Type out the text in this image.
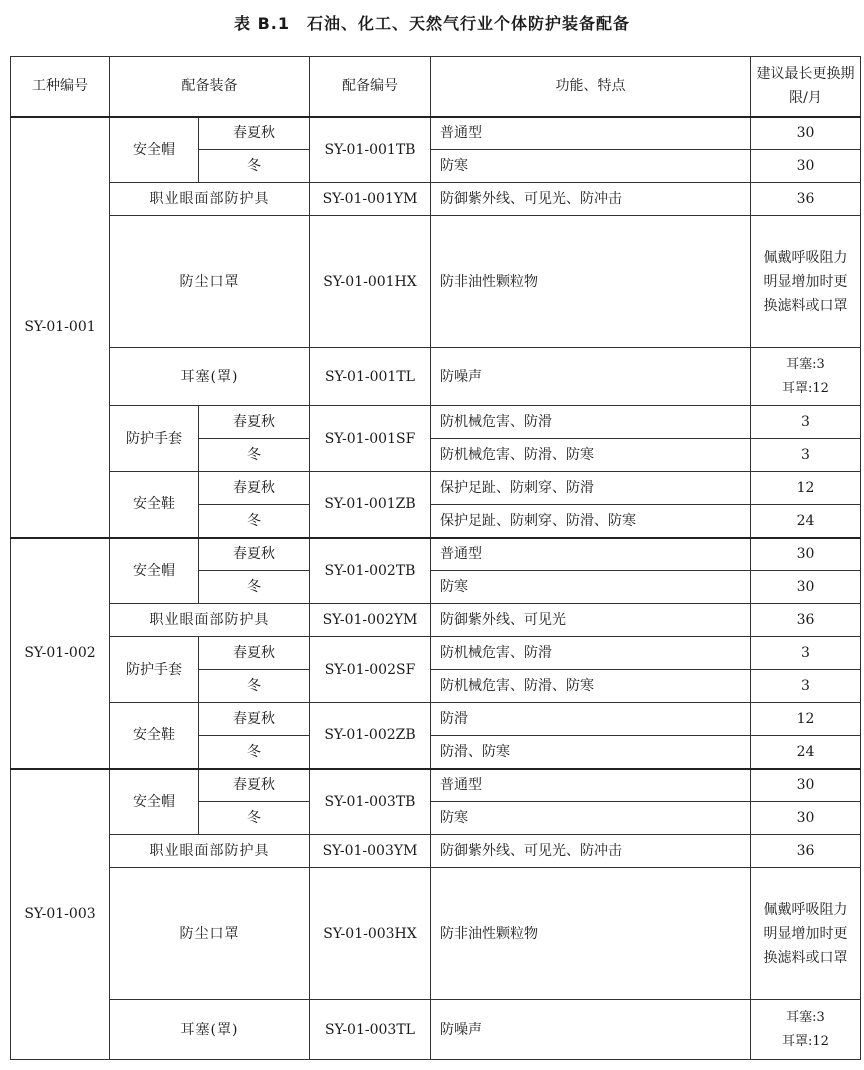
表 B.1　石油、化工、天然气行业个体防护装备配备
工种编号	配备装备		配备编号	功能、特点	建议最长更换期限/月
SY-01-001	安全帽	春夏秋	SY-01-001TB	普通型	30
		冬		防寒	30
	职业眼面部防护具		SY-01-001YM	防御紫外线、可见光、防冲击	36
	防尘口罩		SY-01-001HX	防非油性颗粒物	佩戴呼吸阻力
明显增加时更
换滤料或口罩

	耳塞(罩)		SY-01-001TL	防噪声	耳塞:3
耳罩:12

	防护手套	春夏秋	SY-01-001SF	防机械危害、防滑	3
		冬		防机械危害、防滑、防寒	3
	安全鞋	春夏秋	SY-01-001ZB	保护足趾、防刺穿、防滑	12
		冬		保护足趾、防刺穿、防滑、防寒	24
SY-01-002	安全帽	春夏秋	SY-01-002TB	普通型	30
		冬		防寒	30
	职业眼面部防护具		SY-01-002YM	防御紫外线、可见光	36
	防护手套	春夏秋	SY-01-002SF	防机械危害、防滑	3
		冬		防机械危害、防滑、防寒	3
	安全鞋	春夏秋	SY-01-002ZB	防滑	12
		冬		防滑、防寒	24
SY-01-003	安全帽	春夏秋	SY-01-003TB	普通型	30
		冬		防寒	30
	职业眼面部防护具		SY-01-003YM	防御紫外线、可见光、防冲击	36
	防尘口罩		SY-01-003HX	防非油性颗粒物	佩戴呼吸阻力
明显增加时更
换滤料或口罩

	耳塞(罩)		SY-01-003TL	防噪声	耳塞:3
耳罩:12
